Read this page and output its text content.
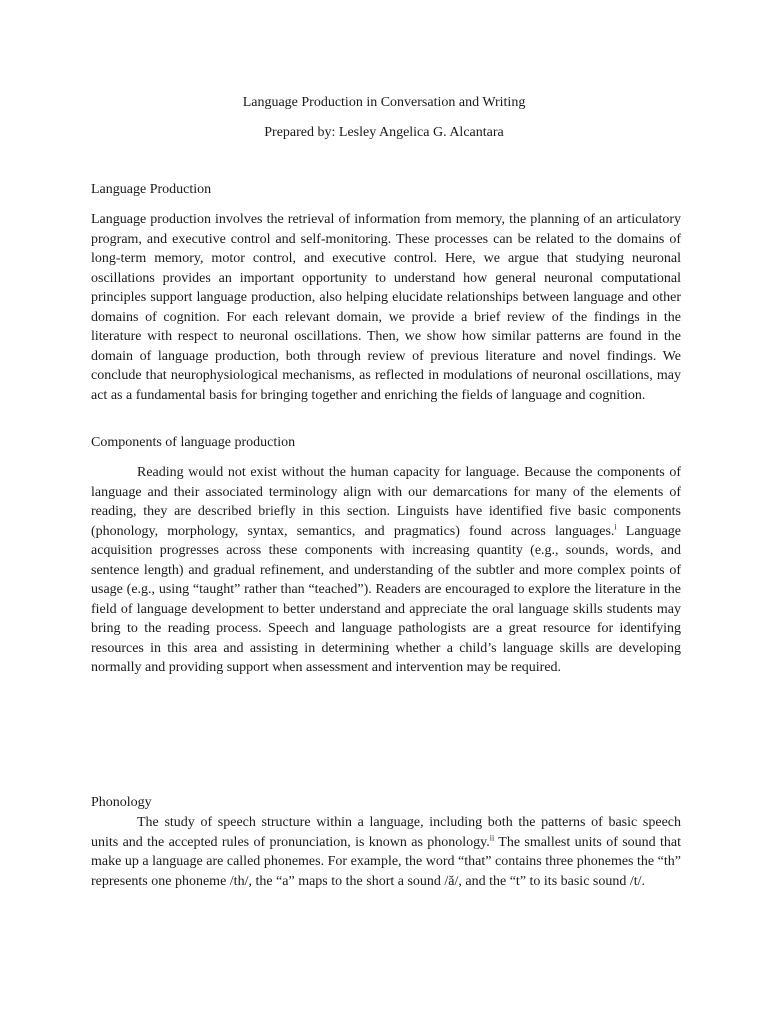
Language Production in Conversation and Writing
Prepared by: Lesley Angelica G. Alcantara
Language Production
Language production involves the retrieval of information from memory, the planning of an articulatory program, and executive control and self-monitoring. These processes can be related to the domains of long-term memory, motor control, and executive control. Here, we argue that studying neuronal oscillations provides an important opportunity to understand how general neuronal computational principles support language production, also helping elucidate relationships between language and other domains of cognition. For each relevant domain, we provide a brief review of the findings in the literature with respect to neuronal oscillations. Then, we show how similar patterns are found in the domain of language production, both through review of previous literature and novel findings. We conclude that neurophysiological mechanisms, as reflected in modulations of neuronal oscillations, may act as a fundamental basis for bringing together and enriching the fields of language and cognition.
Components of language production
Reading would not exist without the human capacity for language. Because the components of language and their associated terminology align with our demarcations for many of the elements of reading, they are described briefly in this section. Linguists have identified five basic components (phonology, morphology, syntax, semantics, and pragmatics) found across languages.$^i$ Language acquisition progresses across these components with increasing quantity (e.g., sounds, words, and sentence length) and gradual refinement, and understanding of the subtler and more complex points of usage (e.g., using “taught” rather than “teached”). Readers are encouraged to explore the literature in the field of language development to better understand and appreciate the oral language skills students may bring to the reading process. Speech and language pathologists are a great resource for identifying resources in this area and assisting in determining whether a child’s language skills are developing normally and providing support when assessment and intervention may be required.
Phonology
The study of speech structure within a language, including both the patterns of basic speech units and the accepted rules of pronunciation, is known as phonology.$^{ii}$ The smallest units of sound that make up a language are called phonemes. For example, the word “that” contains three phonemes the “th” represents one phoneme /th/, the “a” maps to the short a sound /ă/, and the “t” to its basic sound /t/.
